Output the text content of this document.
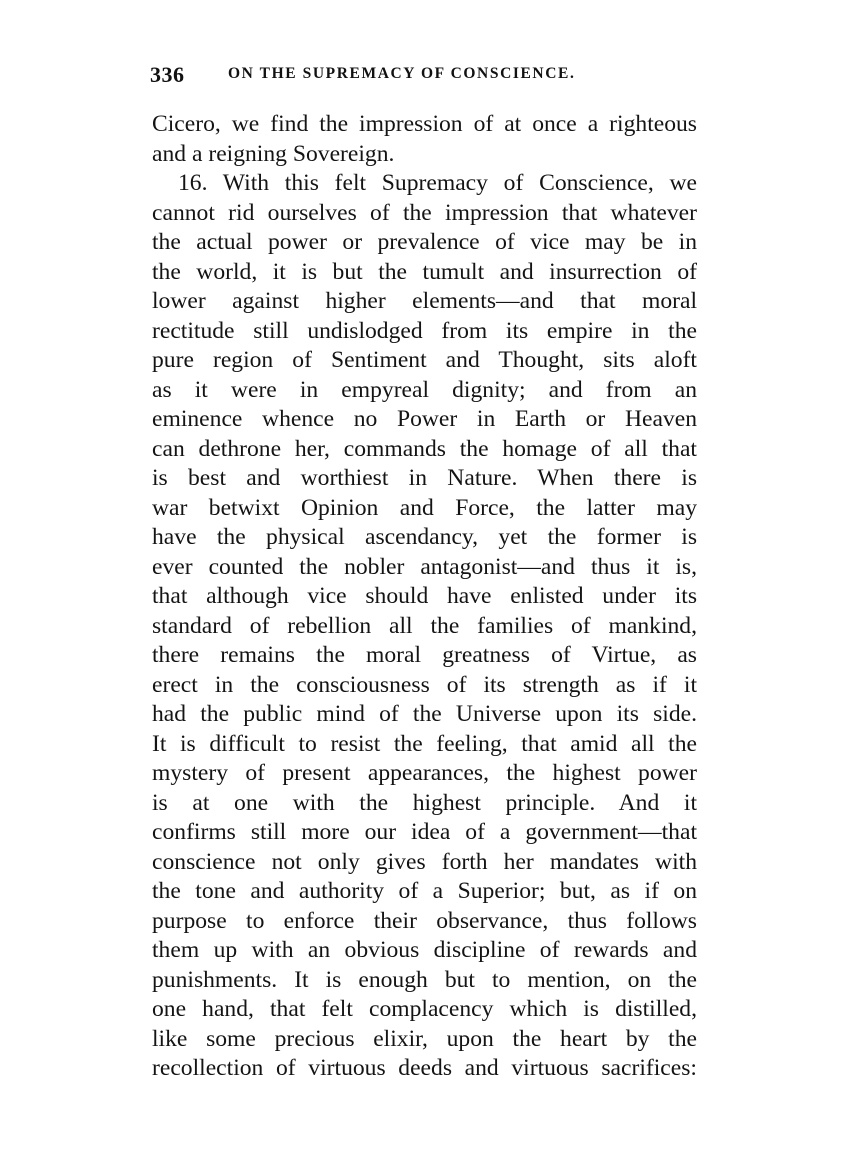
336	ON THE SUPREMACY OF CONSCIENCE.
Cicero, we find the impression of at once a righteous
and a reigning Sovereign.
16. With this felt Supremacy of Conscience, we
cannot rid ourselves of the impression that whatever
the actual power or prevalence of vice may be in
the world, it is but the tumult and insurrection of
lower against higher elements—and that moral
rectitude still undislodged from its empire in the
pure region of Sentiment and Thought, sits aloft
as it were in empyreal dignity; and from an
eminence whence no Power in Earth or Heaven
can dethrone her, commands the homage of all that
is best and worthiest in Nature. When there is
war betwixt Opinion and Force, the latter may
have the physical ascendancy, yet the former is
ever counted the nobler antagonist—and thus it is,
that although vice should have enlisted under its
standard of rebellion all the families of mankind,
there remains the moral greatness of Virtue, as
erect in the consciousness of its strength as if it
had the public mind of the Universe upon its side.
It is difficult to resist the feeling, that amid all the
mystery of present appearances, the highest power
is at one with the highest principle. And it
confirms still more our idea of a government—that
conscience not only gives forth her mandates with
the tone and authority of a Superior; but, as if on
purpose to enforce their observance, thus follows
them up with an obvious discipline of rewards and
punishments. It is enough but to mention, on the
one hand, that felt complacency which is distilled,
like some precious elixir, upon the heart by the
recollection of virtuous deeds and virtuous sacrifices:
